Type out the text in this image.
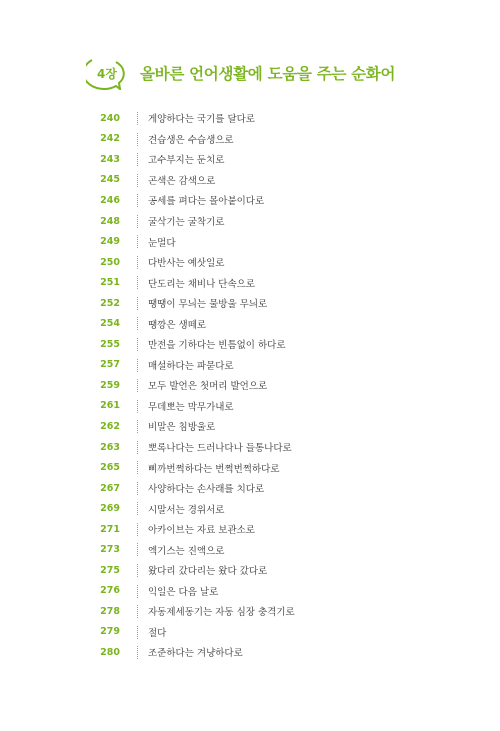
4장	올바른 언어생활에 도움을 주는 순화어
240	게양하다는 국기를 달다로
242	견습생은 수습생으로
243	고수부지는 둔치로
245	곤색은 감색으로
246	공세를 펴다는 몰아붙이다로
248	굴삭기는 굴착기로
249	눈멀다
250	다반사는 예삿일로
251	단도리는 채비나 단속으로
252	땡땡이 무늬는 물방울 무늬로
254	땡깡은 생떼로
255	만전을 기하다는 빈틈없이 하다로
257	매설하다는 파묻다로
259	모두 발언은 첫머리 발언으로
261	무데뽀는 막무가내로
262	비말은 침방울로
263	뽀록나다는 드러나다나 들통나다로
265	삐까번쩍하다는 번쩍번쩍하다로
267	사양하다는 손사래를 치다로
269	시말서는 경위서로
271	아카이브는 자료 보관소로
273	엑기스는 진액으로
275	왔다리 갔다리는 왔다 갔다로
276	익일은 다음 날로
278	자동제세동기는 자동 심장 충격기로
279	절다
280	조준하다는 겨냥하다로
